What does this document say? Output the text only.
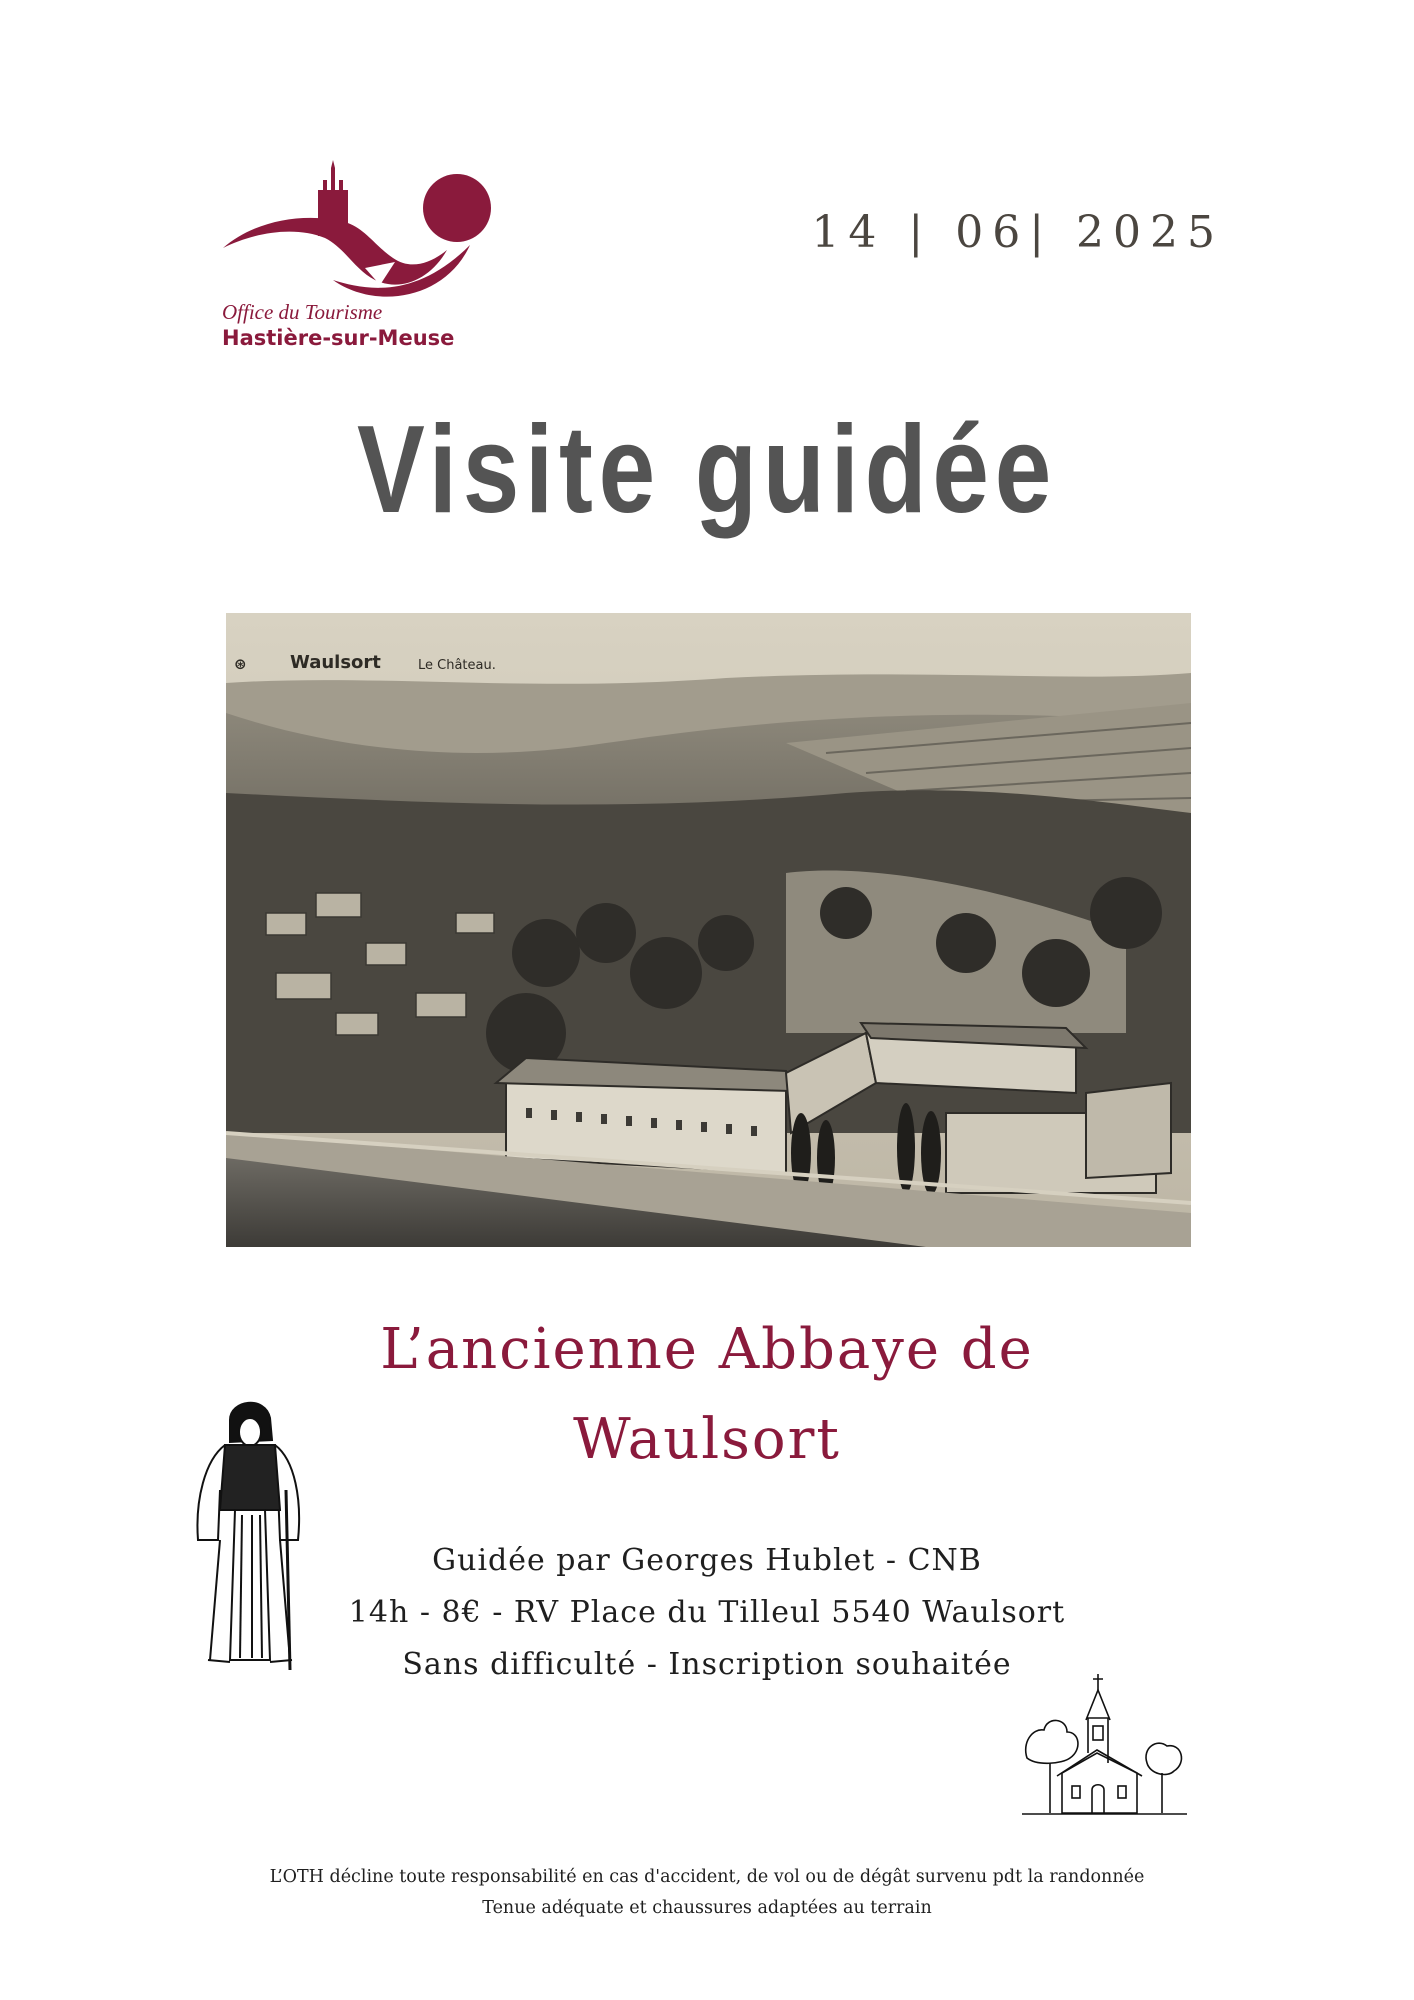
Office du Tourisme
Hastière-sur-Meuse
14 | 06| 2025
Visite guidée
⊛ Waulsort	Le Château.
L’ancienne Abbaye de
Waulsort
Guidée par Georges Hublet - CNB
14h - 8€ - RV Place du Tilleul 5540 Waulsort
Sans difficulté - Inscription souhaitée
L’OTH décline toute responsabilité en cas d'accident, de vol ou de dégât survenu pdt la randonnée
Tenue adéquate et chaussures adaptées au terrain
